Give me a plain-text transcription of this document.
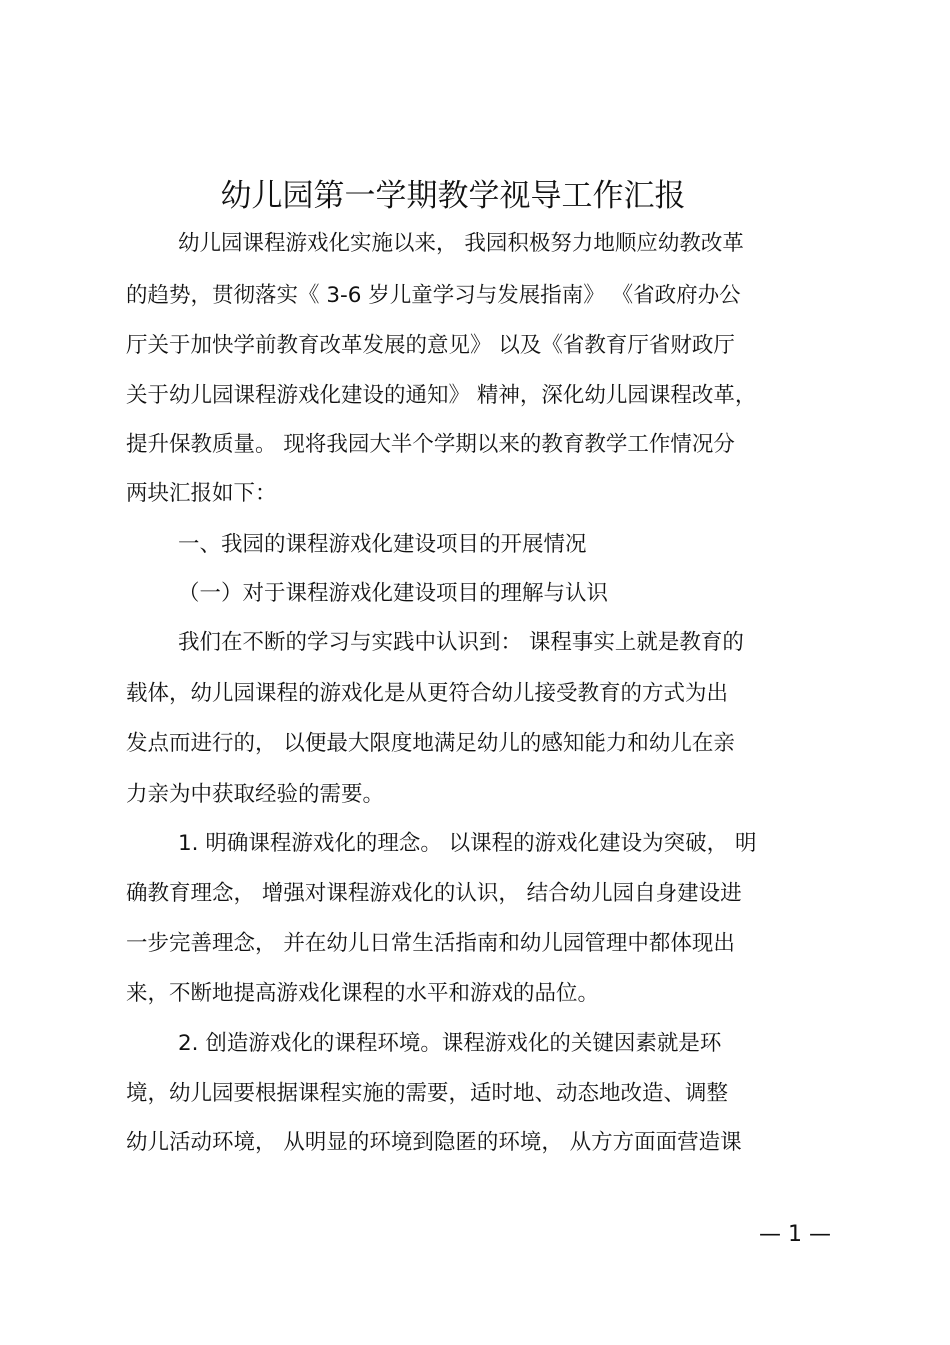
幼儿园第一学期教学视导工作汇报
幼儿园课程游戏化实施以来， 我园积极努力地顺应幼教改革
的趋势，贯彻落实《 3-6 岁儿童学习与发展指南》 《省政府办公
厅关于加快学前教育改革发展的意见》 以及《省教育厅省财政厅
关于幼儿园课程游戏化建设的通知》 精神，深化幼儿园课程改革，
提升保教质量。 现将我园大半个学期以来的教育教学工作情况分
两块汇报如下：
一、我园的课程游戏化建设项目的开展情况
（一）对于课程游戏化建设项目的理解与认识
我们在不断的学习与实践中认识到： 课程事实上就是教育的
载体，幼儿园课程的游戏化是从更符合幼儿接受教育的方式为出
发点而进行的， 以便最大限度地满足幼儿的感知能力和幼儿在亲
力亲为中获取经验的需要。
1. 明确课程游戏化的理念。 以课程的游戏化建设为突破， 明
确教育理念， 增强对课程游戏化的认识， 结合幼儿园自身建设进
一步完善理念， 并在幼儿日常生活指南和幼儿园管理中都体现出
来，不断地提高游戏化课程的水平和游戏的品位。
2. 创造游戏化的课程环境。课程游戏化的关键因素就是环
境，幼儿园要根据课程实施的需要，适时地、动态地改造、调整
幼儿活动环境， 从明显的环境到隐匿的环境， 从方方面面营造课
— 1 —
